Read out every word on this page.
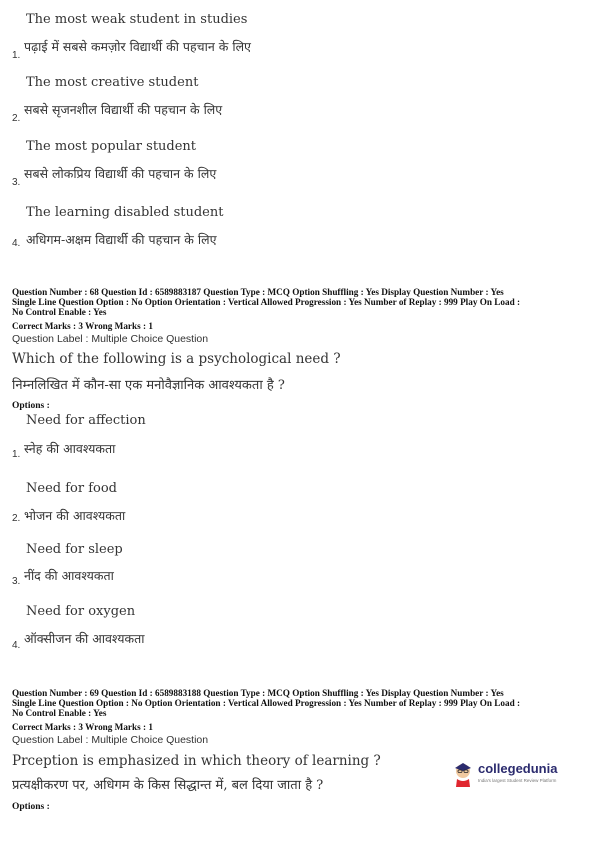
The most weak student in studies
1.
पढ़ाई में सबसे कमज़ोर विद्यार्थी की पहचान के लिए
The most creative student
2.
सबसे सृजनशील विद्यार्थी की पहचान के लिए
The most popular student
3.
सबसे लोकप्रिय विद्यार्थी की पहचान के लिए
The learning disabled student
4. अधिगम-अक्षम विद्यार्थी की पहचान के लिए
Question Number : 68 Question Id : 6589883187 Question Type : MCQ Option Shuffling : Yes Display Question Number : Yes
Single Line Question Option : No Option Orientation : Vertical Allowed Progression : Yes Number of Replay : 999 Play On Load :
No Control Enable : Yes
Correct Marks : 3 Wrong Marks : 1
Question Label : Multiple Choice Question
Which of the following is a psychological need ?
निम्नलिखित में कौन-सा एक मनोवैज्ञानिक आवश्यकता है ?
Options :
Need for affection
1. स्नेह की आवश्यकता
Need for food
2. भोजन की आवश्यकता
Need for sleep
3. नींद की आवश्यकता
Need for oxygen
4. ऑक्सीजन की आवश्यकता
Question Number : 69 Question Id : 6589883188 Question Type : MCQ Option Shuffling : Yes Display Question Number : Yes
Single Line Question Option : No Option Orientation : Vertical Allowed Progression : Yes Number of Replay : 999 Play On Load :
No Control Enable : Yes
Correct Marks : 3 Wrong Marks : 1
Question Label : Multiple Choice Question
Prception is emphasized in which theory of learning ?
प्रत्यक्षीकरण पर, अधिगम के किस सिद्धान्त में, बल दिया जाता है ?
Options :
collegedunia
India's largest Student Review Platform
